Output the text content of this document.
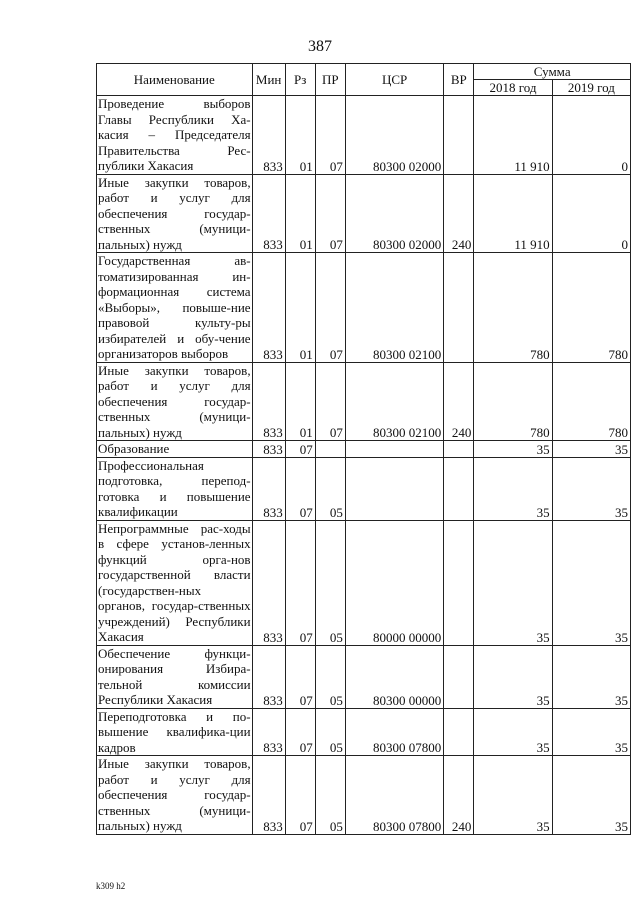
387
Наименование	Мин	Рз	ПР	ЦСР	ВР	Сумма	
						2018 год	2019 год
Проведение выборов Главы Республики Ха-касия – Председателя Правительства Рес-публики Хакасия	833	01	07	80300 02000		11 910	0
Иные закупки товаров, работ и услуг для обеспечения государ-ственных (муници-пальных) нужд	833	01	07	80300 02000	240	11 910	0
Государственная ав-томатизированная ин-формационная система «Выборы», повыше-ние правовой культу-ры избирателей и обу-чение организаторов выборов	833	01	07	80300 02100		780	780
Иные закупки товаров, работ и услуг для обеспечения государ-ственных (муници-пальных) нужд	833	01	07	80300 02100	240	780	780
Образование	833	07				35	35
Профессиональная подготовка, перепод-готовка и повышение квалификации	833	07	05			35	35
Непрограммные рас-ходы в сфере установ-ленных функций орга-нов государственной власти (государствен-ных органов, государ-ственных учреждений) Республики Хакасия	833	07	05	80000 00000		35	35
Обеспечение функци-онирования Избира-тельной комиссии Республики Хакасия	833	07	05	80300 00000		35	35
Переподготовка и по-вышение квалифика-ции кадров	833	07	05	80300 07800		35	35
Иные закупки товаров, работ и услуг для обеспечения государ-ственных (муници-пальных) нужд	833	07	05	80300 07800	240	35	35
k309 h2
